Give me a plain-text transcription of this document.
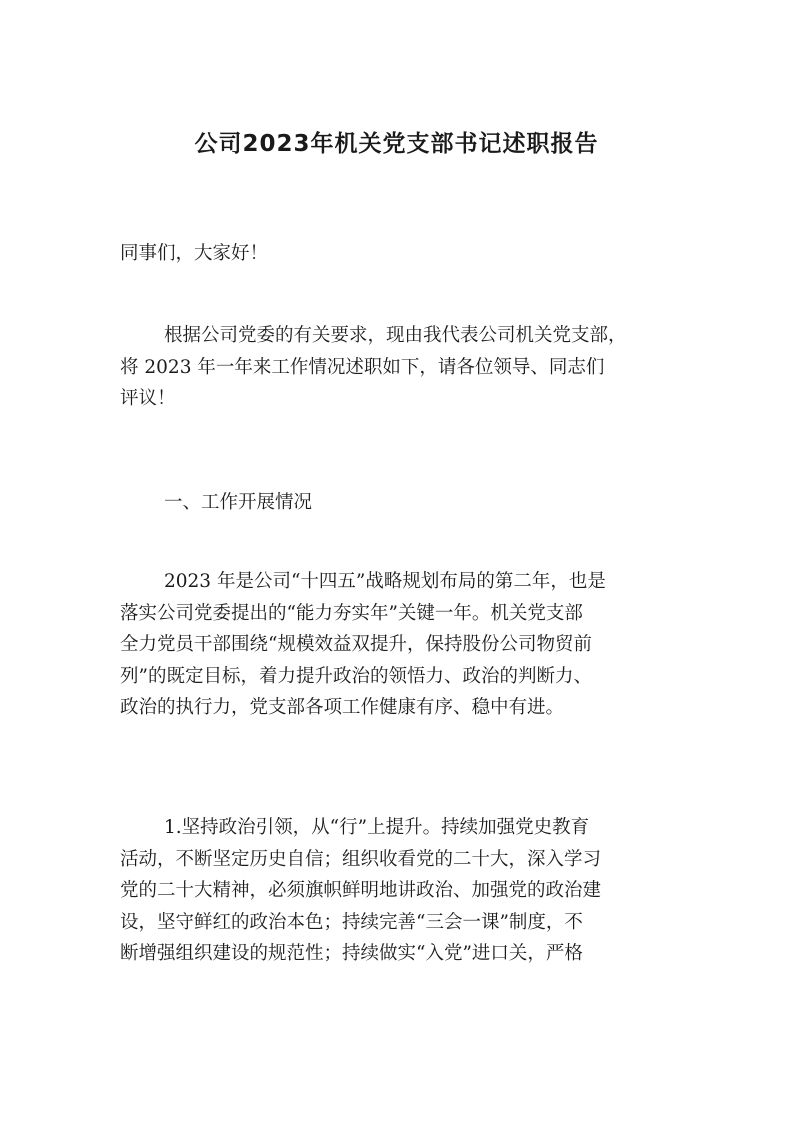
公司2023年机关党支部书记述职报告
同事们，大家好！
根据公司党委的有关要求，现由我代表公司机关党支部，
将 2023 年一年来工作情况述职如下，请各位领导、同志们
评议！
一、工作开展情况
2023 年是公司“十四五”战略规划布局的第二年，也是
落实公司党委提出的“能力夯实年”关键一年。机关党支部
全力党员干部围绕“规模效益双提升，保持股份公司物贸前
列”的既定目标，着力提升政治的领悟力、政治的判断力、
政治的执行力，党支部各项工作健康有序、稳中有进。
1.坚持政治引领，从“行”上提升。持续加强党史教育
活动，不断坚定历史自信；组织收看党的二十大，深入学习
党的二十大精神，必须旗帜鲜明地讲政治、加强党的政治建
设，坚守鲜红的政治本色；持续完善“三会一课”制度，不
断增强组织建设的规范性；持续做实“入党”进口关，严格
